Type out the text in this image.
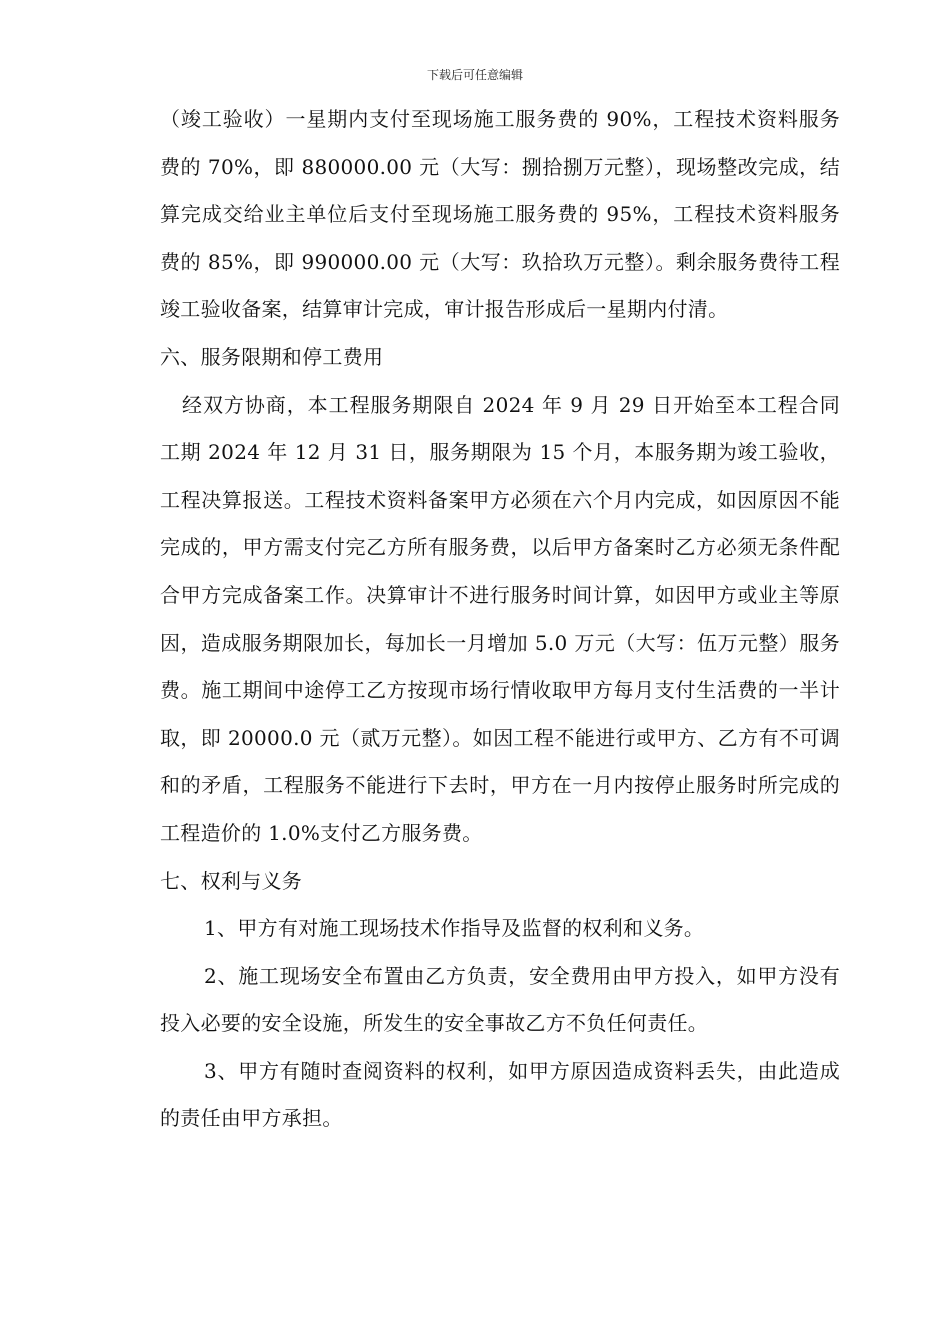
下载后可任意编辑

（竣工验收）一星期内支付至现场施工服务费的 90%，工程技术资料服务费的 70%，即 880000.00 元（大写：捌拾捌万元整），现场整改完成，结算完成交给业主单位后支付至现场施工服务费的 95%，工程技术资料服务费的 85%，即 990000.00 元（大写：玖拾玖万元整）。剩余服务费待工程竣工验收备案，结算审计完成，审计报告形成后一星期内付清。

六、服务限期和停工费用

经双方协商，本工程服务期限自 2024 年 9 月 29 日开始至本工程合同工期 2024 年 12 月 31 日，服务期限为 15 个月，本服务期为竣工验收，工程决算报送。工程技术资料备案甲方必须在六个月内完成，如因原因不能完成的，甲方需支付完乙方所有服务费，以后甲方备案时乙方必须无条件配合甲方完成备案工作。决算审计不进行服务时间计算，如因甲方或业主等原因，造成服务期限加长，每加长一月增加 5.0 万元（大写：伍万元整）服务费。施工期间中途停工乙方按现市场行情收取甲方每月支付生活费的一半计取，即 20000.0 元（贰万元整）。如因工程不能进行或甲方、乙方有不可调和的矛盾，工程服务不能进行下去时，甲方在一月内按停止服务时所完成的工程造价的 1.0%支付乙方服务费。

七、权利与义务

1、甲方有对施工现场技术作指导及监督的权利和义务。

2、施工现场安全布置由乙方负责，安全费用由甲方投入，如甲方没有投入必要的安全设施，所发生的安全事故乙方不负任何责任。

3、甲方有随时查阅资料的权利，如甲方原因造成资料丢失，由此造成的责任由甲方承担。
